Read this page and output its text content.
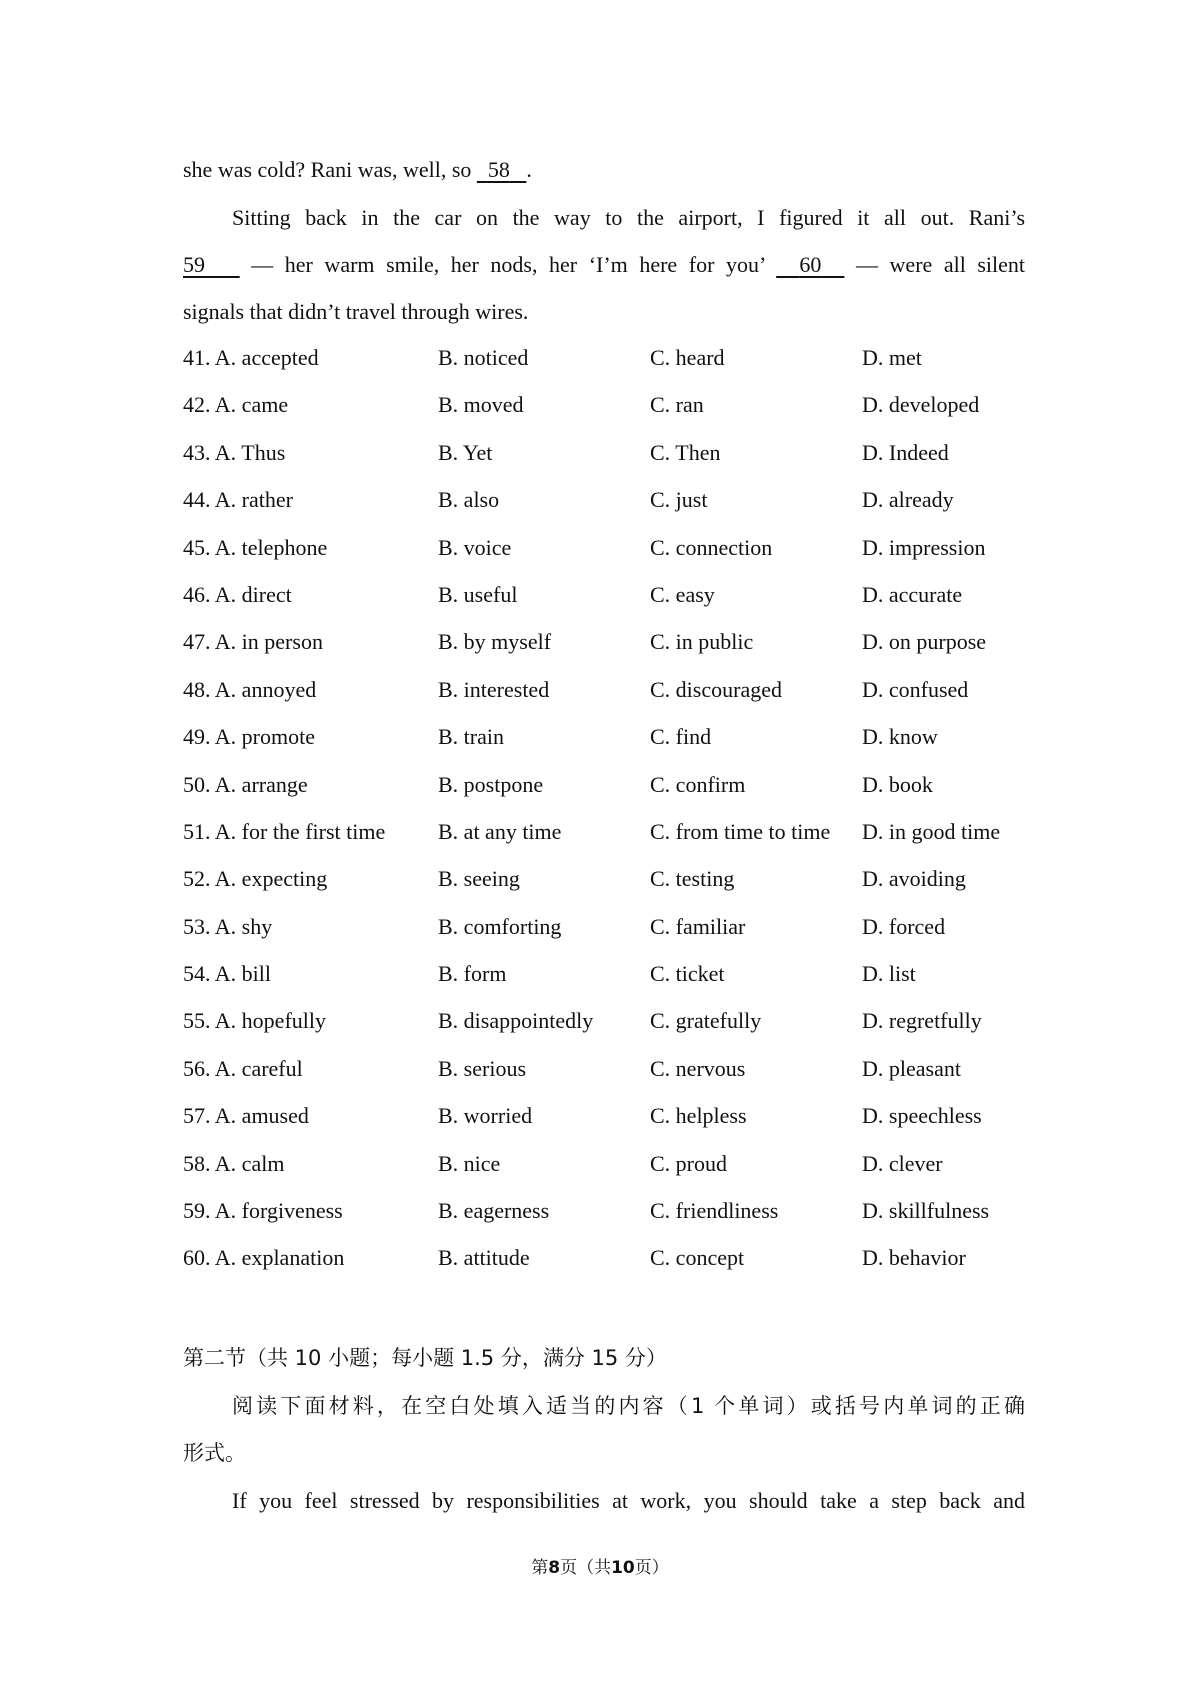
she was cold? Rani was, well, so 58 .
Sitting back in the car on the way to the airport, I figured it all out. Rani’s
59 — her warm smile, her nods, her ‘I’m here for you’ 60 — were all silent
signals that didn’t travel through wires.
41. A. accepted	B. noticed	C. heard	D. met
42. A. came	B. moved	C. ran	D. developed
43. A. Thus	B. Yet	C. Then	D. Indeed
44. A. rather	B. also	C. just	D. already
45. A. telephone	B. voice	C. connection	D. impression
46. A. direct	B. useful	C. easy	D. accurate
47. A. in person	B. by myself	C. in public	D. on purpose
48. A. annoyed	B. interested	C. discouraged	D. confused
49. A. promote	B. train	C. find	D. know
50. A. arrange	B. postpone	C. confirm	D. book
51. A. for the first time B. at any time	C. from time to time D. in good time
52. A. expecting	B. seeing	C. testing	D. avoiding
53. A. shy	B. comforting	C. familiar	D. forced
54. A. bill	B. form	C. ticket	D. list
55. A. hopefully	B. disappointedly	C. gratefully	D. regretfully
56. A. careful	B. serious	C. nervous	D. pleasant
57. A. amused	B. worried	C. helpless	D. speechless
58. A. calm	B. nice	C. proud	D. clever
59. A. forgiveness	B. eagerness	C. friendliness	D. skillfulness
60. A. explanation	B. attitude	C. concept	D. behavior
第二节（共 10 小题；每小题 1.5 分，满分 15 分）
阅读下面材料，在空白处填入适当的内容（1 个单词）或括号内单词的正确
形式。
If you feel stressed by responsibilities at work, you should take a step back and
第8页（共10页）
